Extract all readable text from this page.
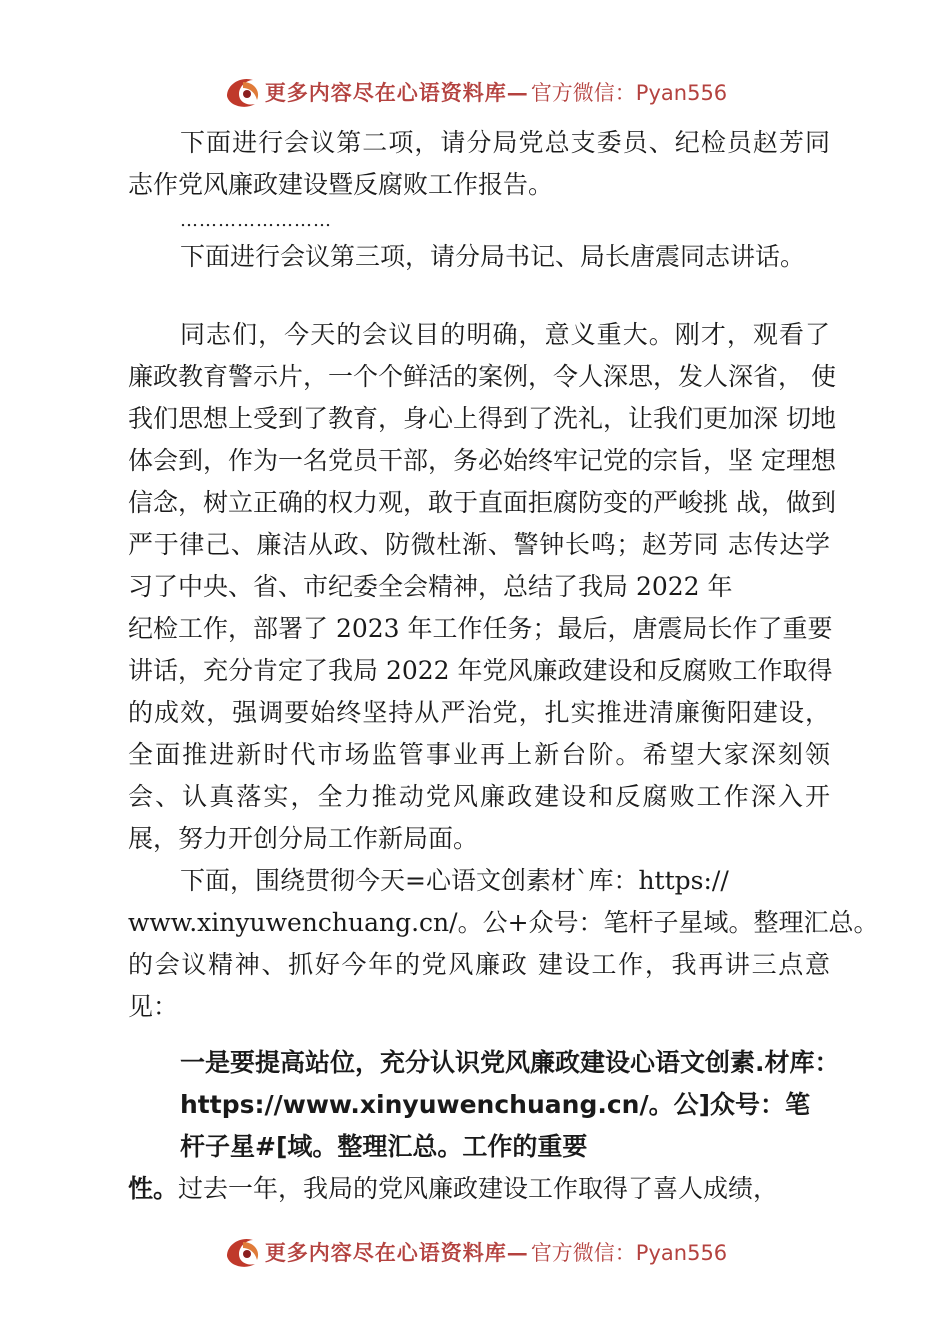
更多内容尽在心语资料库— 官方微信：Pyan556

下面进行会议第二项，请分局党总支委员、纪检员赵芳同

志作党风廉政建设暨反腐败工作报告。

……………………

下面进行会议第三项，请分局书记、局长唐震同志讲话。

同志们，今天的会议目的明确，意义重大。刚才，观看了

廉政教育警示片，一个个鲜活的案例，令人深思，发人深省， 使

我们思想上受到了教育，身心上得到了洗礼，让我们更加深 切地

体会到，作为一名党员干部，务必始终牢记党的宗旨，坚 定理想

信念，树立正确的权力观，敢于直面拒腐防变的严峻挑 战，做到

严于律己、廉洁从政、防微杜渐、警钟长鸣；赵芳同 志传达学

习了中央、省、市纪委全会精神，总结了我局 2022 年

纪检工作，部署了 2023 年工作任务；最后，唐震局长作了重要

讲话，充分肯定了我局 2022 年党风廉政建设和反腐败工作取得

的成效，强调要始终坚持从严治党，扎实推进清廉衡阳建设，

全面推进新时代市场监管事业再上新台阶。希望大家深刻领

会、认真落实，全力推动党风廉政建设和反腐败工作深入开

展，努力开创分局工作新局面。

下面，围绕贯彻今天=心语文创素材`库：https://

www.xinyuwenchuang.cn/。公+众号：笔杆子星域。整理汇总。

的会议精神、抓好今年的党风廉政 建设工作，我再讲三点意

见：

一是要提高站位，充分认识党风廉政建设心语文创素.材库：

https://www.xinyuwenchuang.cn/。公]众号：笔

杆子星#[域。整理汇总。工作的重要

性。过去一年，我局的党风廉政建设工作取得了喜人成绩，

更多内容尽在心语资料库— 官方微信：Pyan556
